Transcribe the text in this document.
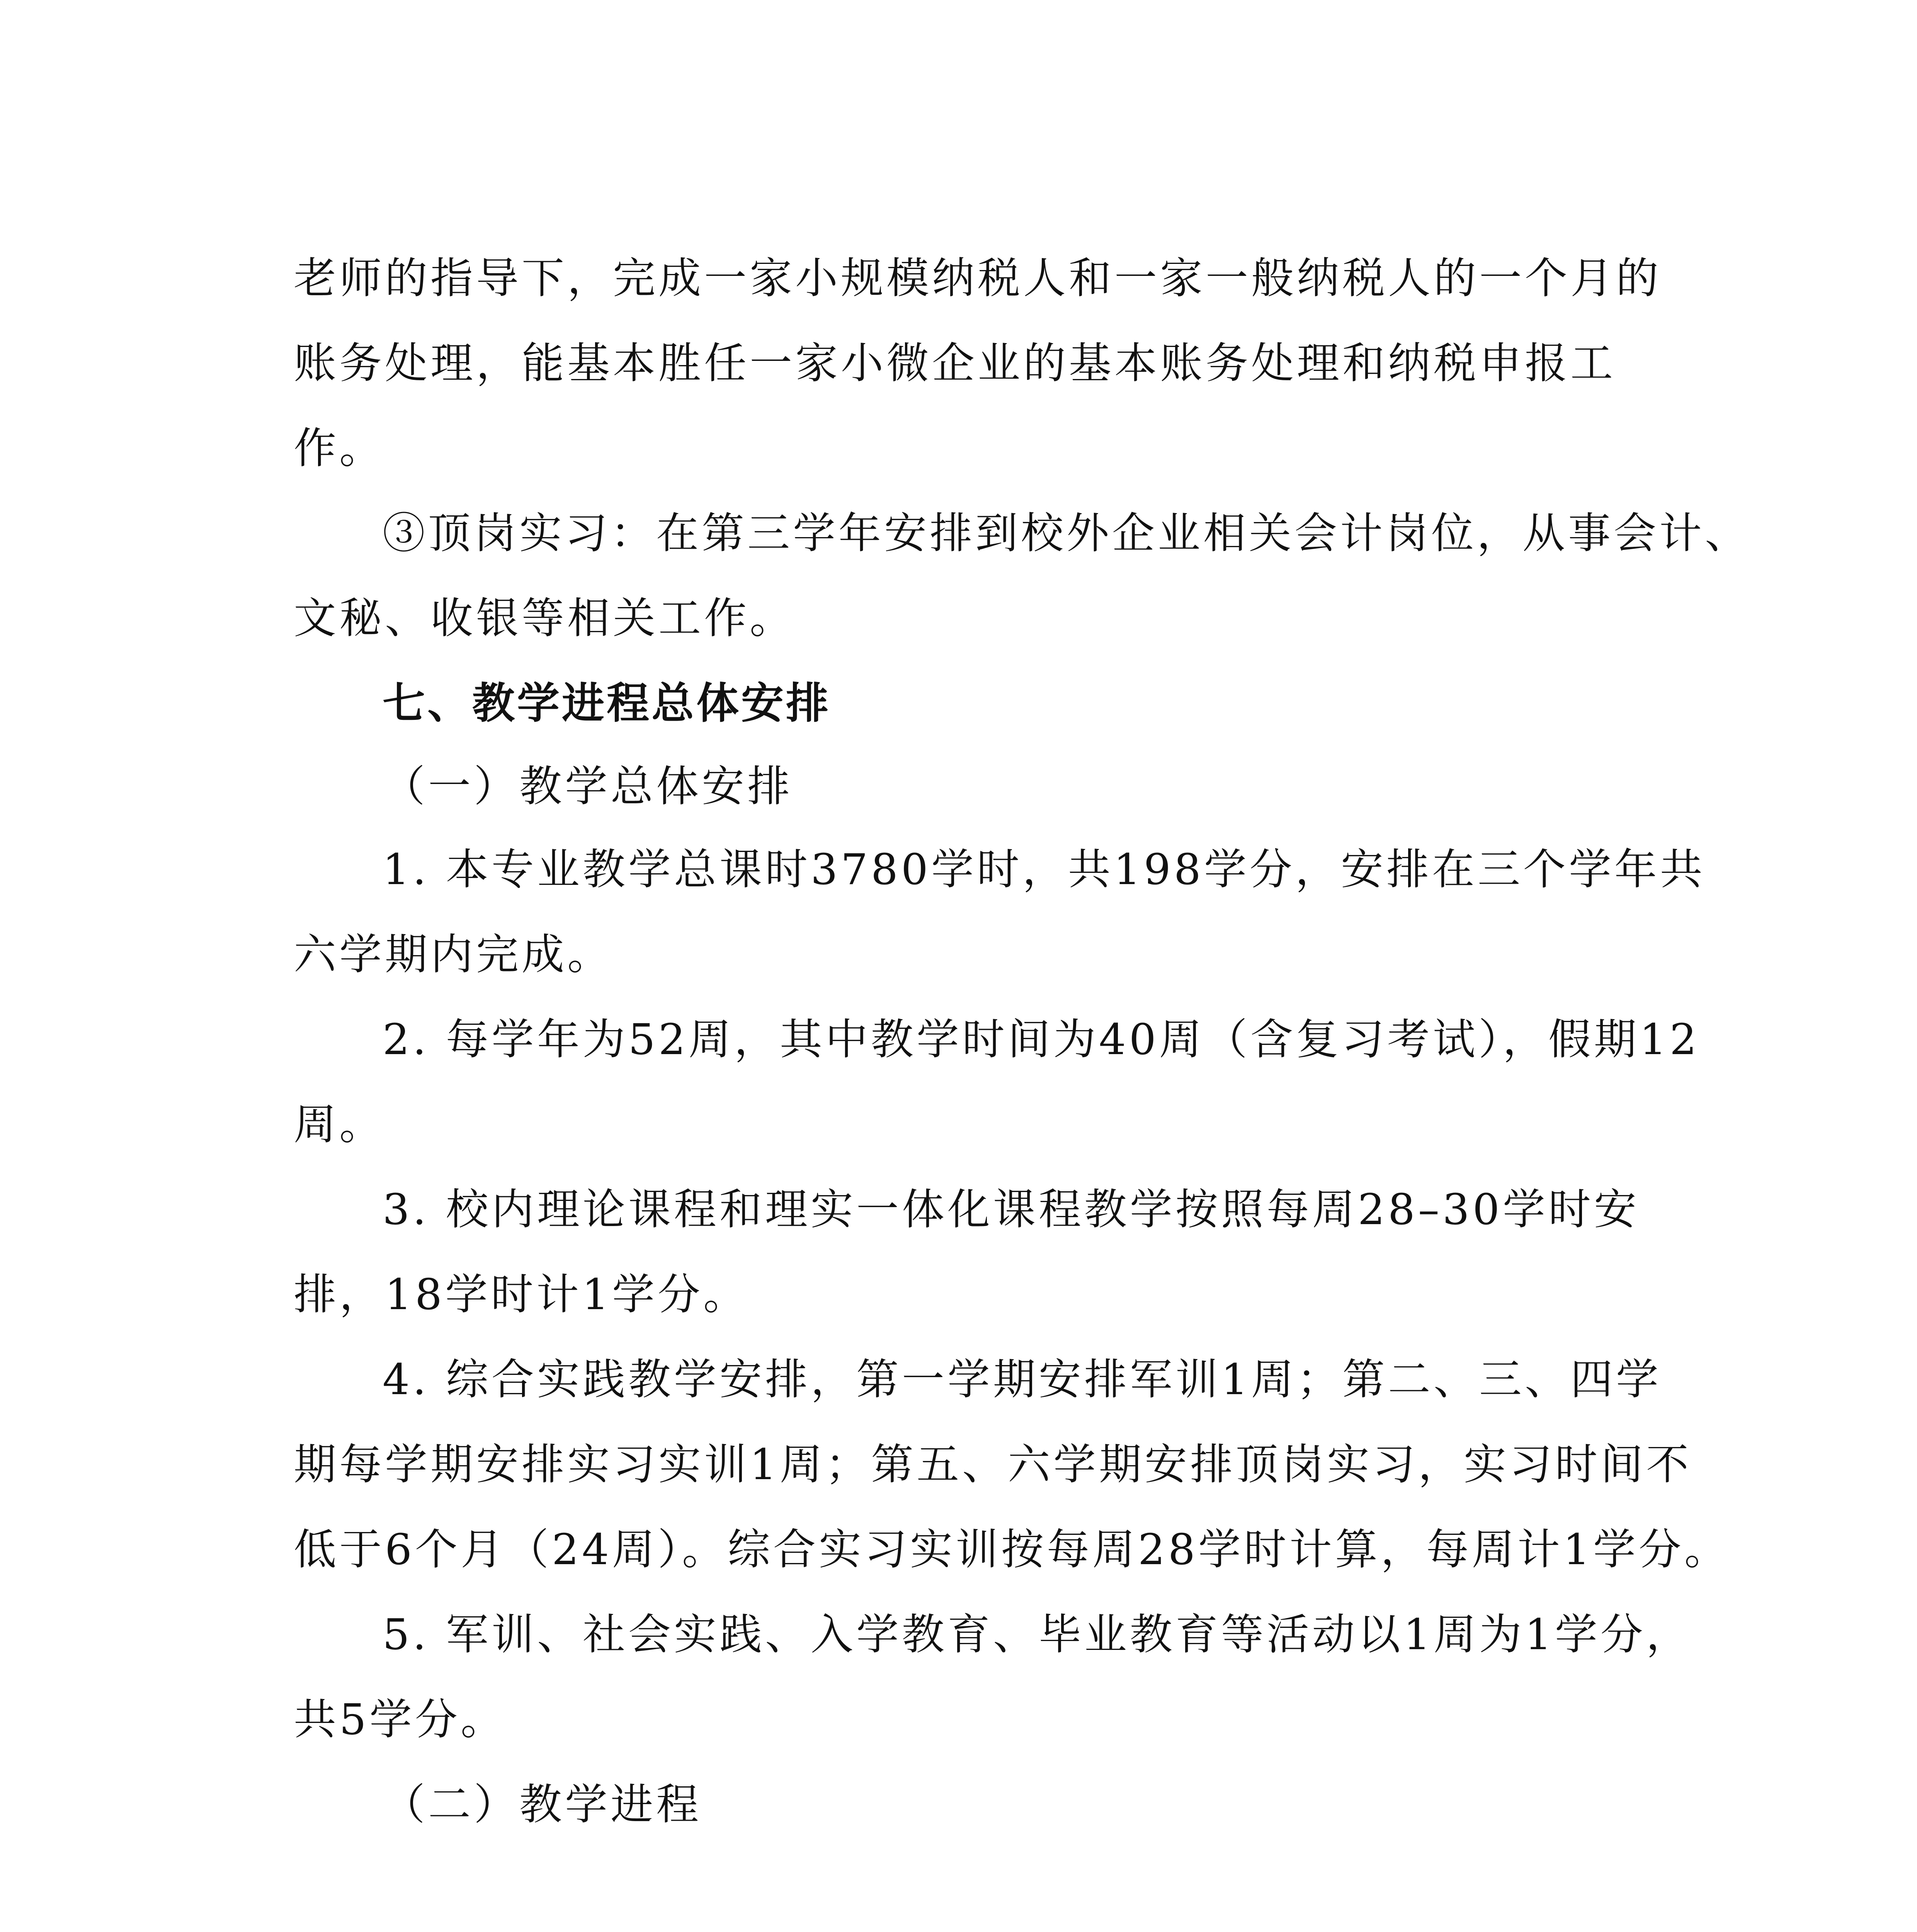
老师的指导下，完成一家小规模纳税人和一家一般纳税人的一个月的
账务处理，能基本胜任一家小微企业的基本账务处理和纳税申报工
作。
③顶岗实习：在第三学年安排到校外企业相关会计岗位，从事会计、
文秘、收银等相关工作。
七、教学进程总体安排
（一）教学总体安排
1. 本专业教学总课时3780学时，共198学分，安排在三个学年共
六学期内完成。
2. 每学年为52周，其中教学时间为40周（含复习考试），假期12
周。
3. 校内理论课程和理实一体化课程教学按照每周28–30学时安
排，18学时计1学分。
4. 综合实践教学安排，第一学期安排军训1周；第二、三、四学
期每学期安排实习实训1周；第五、六学期安排顶岗实习，实习时间不
低于6个月（24周）。综合实习实训按每周28学时计算，每周计1学分。
5. 军训、社会实践、入学教育、毕业教育等活动以1周为1学分，
共5学分。
（二）教学进程
